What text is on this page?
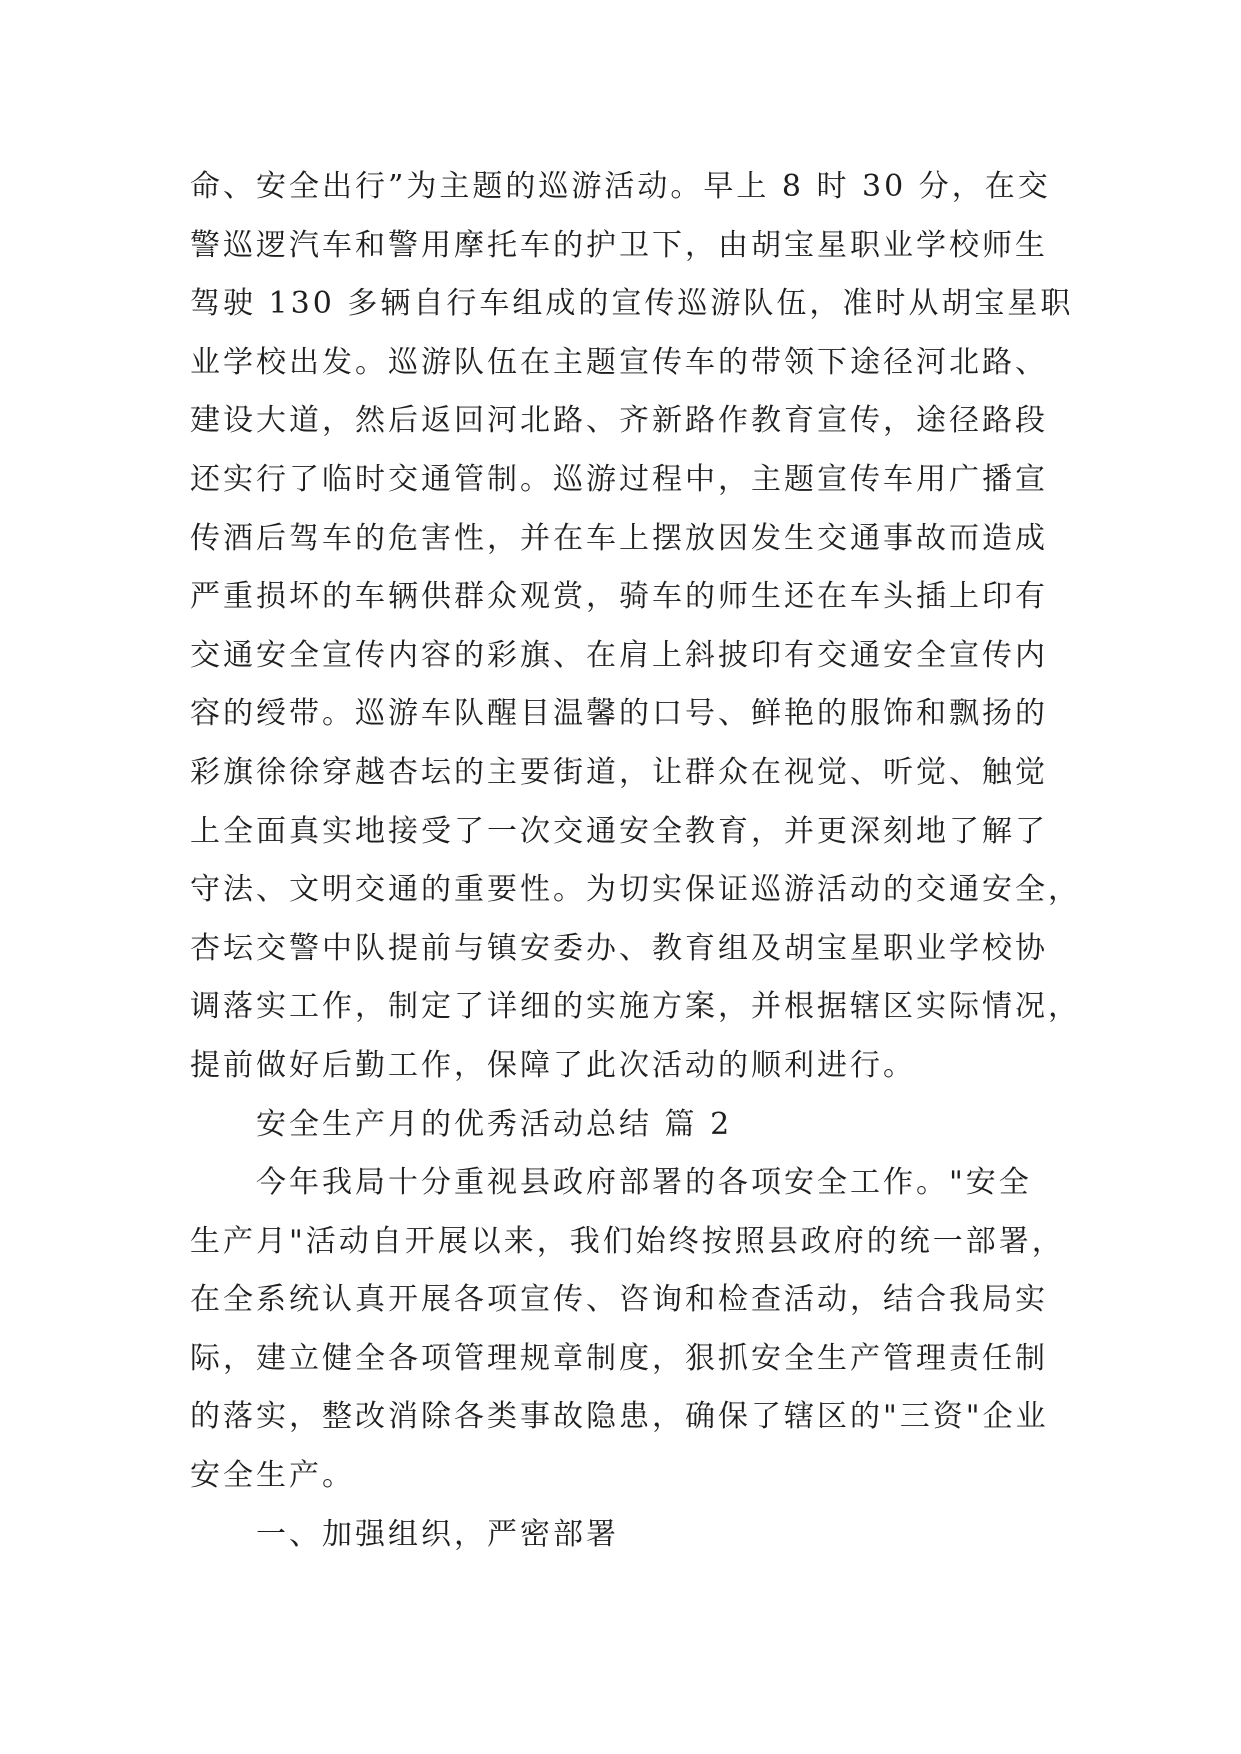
命、安全出行”为主题的巡游活动。早上 8 时 30 分，在交
警巡逻汽车和警用摩托车的护卫下，由胡宝星职业学校师生
驾驶 130 多辆自行车组成的宣传巡游队伍，准时从胡宝星职
业学校出发。巡游队伍在主题宣传车的带领下途径河北路、
建设大道，然后返回河北路、齐新路作教育宣传，途径路段
还实行了临时交通管制。巡游过程中，主题宣传车用广播宣
传酒后驾车的危害性，并在车上摆放因发生交通事故而造成
严重损坏的车辆供群众观赏，骑车的师生还在车头插上印有
交通安全宣传内容的彩旗、在肩上斜披印有交通安全宣传内
容的绶带。巡游车队醒目温馨的口号、鲜艳的服饰和飘扬的
彩旗徐徐穿越杏坛的主要街道，让群众在视觉、听觉、触觉
上全面真实地接受了一次交通安全教育，并更深刻地了解了
守法、文明交通的重要性。为切实保证巡游活动的交通安全，
杏坛交警中队提前与镇安委办、教育组及胡宝星职业学校协
调落实工作，制定了详细的实施方案，并根据辖区实际情况，
提前做好后勤工作，保障了此次活动的顺利进行。
安全生产月的优秀活动总结 篇 2
今年我局十分重视县政府部署的各项安全工作。"安全
生产月"活动自开展以来，我们始终按照县政府的统一部署，
在全系统认真开展各项宣传、咨询和检查活动，结合我局实
际，建立健全各项管理规章制度，狠抓安全生产管理责任制
的落实，整改消除各类事故隐患，确保了辖区的"三资"企业
安全生产。
一、加强组织，严密部署
